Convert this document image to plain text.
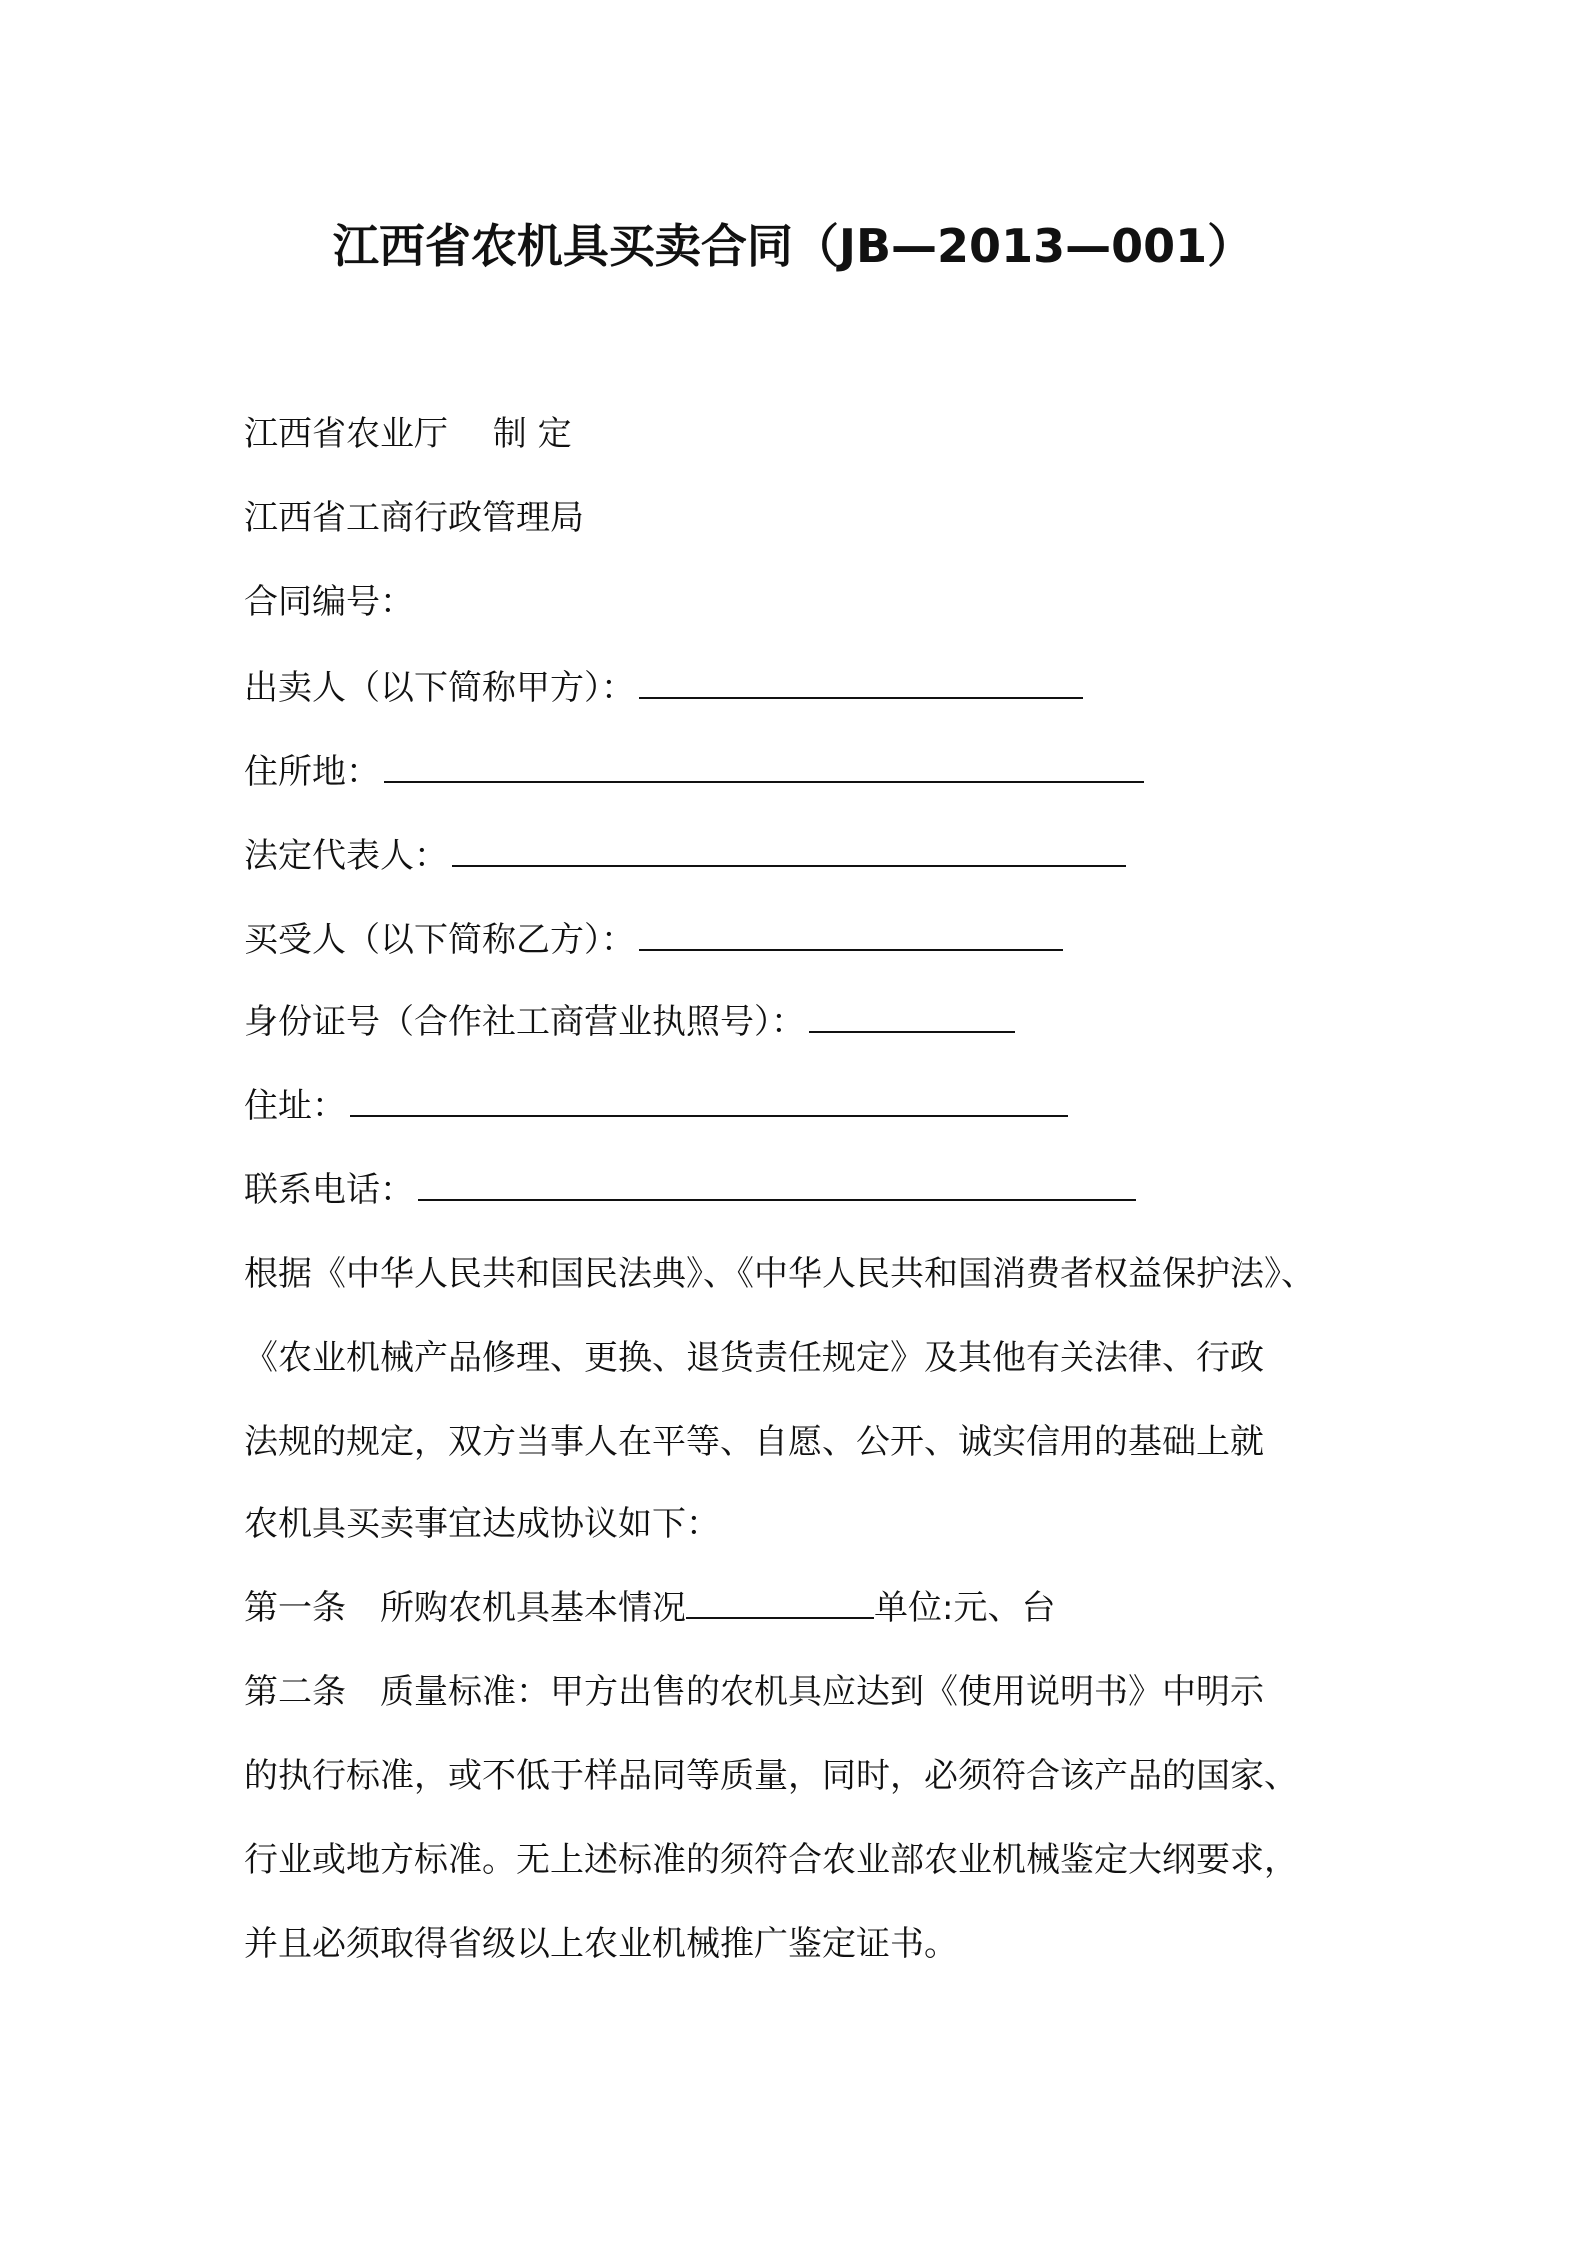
江西省农机具买卖合同（JB—2013—001）
江西省农业厅　 制 定
江西省工商行政管理局
合同编号：
出卖人（以下简称甲方）：
住所地：
法定代表人：
买受人（以下简称乙方）：
身份证号（合作社工商营业执照号）：
住址：
联系电话：
根据《中华人民共和国民法典》、《中华人民共和国消费者权益保护法》、
《农业机械产品修理、更换、退货责任规定》及其他有关法律、行政
法规的规定，双方当事人在平等、自愿、公开、诚实信用的基础上就
农机具买卖事宜达成协议如下：
第一条　所购农机具基本情况	单位:元、台
第二条　质量标准：甲方出售的农机具应达到《使用说明书》中明示
的执行标准，或不低于样品同等质量，同时，必须符合该产品的国家、
行业或地方标准。无上述标准的须符合农业部农业机械鉴定大纲要求，
并且必须取得省级以上农业机械推广鉴定证书。
